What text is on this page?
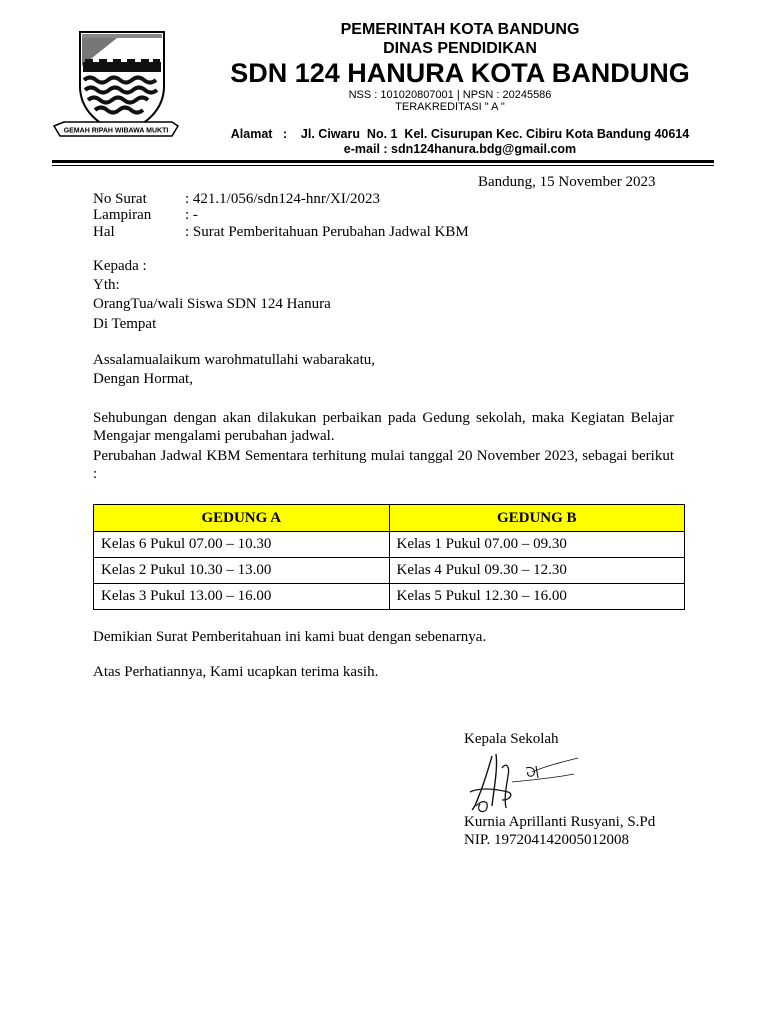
GEMAH RIPAH WIBAWA MUKTI
PEMERINTAH KOTA BANDUNG
DINAS PENDIDIKAN
SDN 124 HANURA KOTA BANDUNG
NSS : 101020807001 | NPSN : 20245586
TERAKREDITASI " A "
Alamat   :    Jl. Ciwaru  No. 1  Kel. Cisurupan Kec. Cibiru Kota Bandung 40614
e-mail : sdn124hanura.bdg@gmail.com
Bandung, 15 November 2023
No Surat	: 421.1/056/sdn124-hnr/XI/2023
Lampiran : -
Hal	: Surat Pemberitahuan Perubahan Jadwal KBM
Kepada :
Yth:
OrangTua/wali Siswa SDN 124 Hanura
Di Tempat
Assalamualaikum warohmatullahi wabarakatu,
Dengan Hormat,
Sehubungan dengan akan dilakukan perbaikan pada Gedung sekolah, maka Kegiatan Belajar Mengajar mengalami perubahan jadwal.
Perubahan Jadwal KBM Sementara terhitung mulai tanggal 20 November 2023, sebagai berikut :
GEDUNG A	GEDUNG B
Kelas 6 Pukul 07.00 – 10.30	Kelas 1 Pukul 07.00 – 09.30
Kelas 2 Pukul 10.30 – 13.00	Kelas 4 Pukul 09.30 – 12.30
Kelas 3 Pukul 13.00 – 16.00	Kelas 5 Pukul 12.30 – 16.00
Demikian Surat Pemberitahuan ini kami buat dengan sebenarnya.
Atas Perhatiannya, Kami ucapkan terima kasih.
Kepala Sekolah
Kurnia Aprillanti Rusyani, S.Pd
NIP. 197204142005012008
